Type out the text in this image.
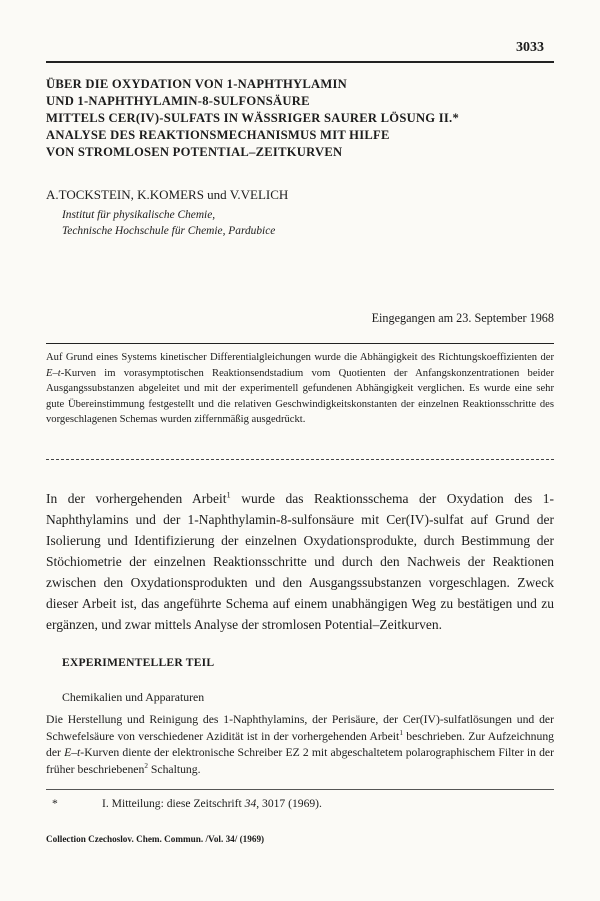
3033
ÜBER DIE OXYDATION VON 1-NAPHTHYLAMIN
UND 1-NAPHTHYLAMIN-8-SULFONSÄURE
MITTELS CER(IV)-SULFATS IN WÄSSRIGER SAURER LÖSUNG II.*
ANALYSE DES REAKTIONSMECHANISMUS MIT HILFE
VON STROMLOSEN POTENTIAL–ZEITKURVEN
A.TOCKSTEIN, K.KOMERS und V.VELICH
Institut für physikalische Chemie,
Technische Hochschule für Chemie, Pardubice
Eingegangen am 23. September 1968
Auf Grund eines Systems kinetischer Differentialgleichungen wurde die Abhängigkeit des Richtungskoeffizienten der E–t-Kurven im vorasymptotischen Reaktionsendstadium vom Quotienten der Anfangskonzentrationen beider Ausgangssubstanzen abgeleitet und mit der experimentell gefundenen Abhängigkeit verglichen. Es wurde eine sehr gute Übereinstimmung festgestellt und die relativen Geschwindigkeitskonstanten der einzelnen Reaktionsschritte des vorgeschlagenen Schemas wurden ziffernmäßig ausgedrückt.
In der vorhergehenden Arbeit$^1$ wurde das Reaktionsschema der Oxydation des 1-Naphthylamins und der 1-Naphthylamin-8-sulfonsäure mit Cer(IV)-sulfat auf Grund der Isolierung und Identifizierung der einzelnen Oxydationsprodukte, durch Bestimmung der Stöchiometrie der einzelnen Reaktionsschritte und durch den Nachweis der Reaktionen zwischen den Oxydationsprodukten und den Ausgangssubstanzen vorgeschlagen. Zweck dieser Arbeit ist, das angeführte Schema auf einem unabhängigen Weg zu bestätigen und zu ergänzen, und zwar mittels Analyse der stromlosen Potential–Zeitkurven.
EXPERIMENTELLER TEIL
Chemikalien und Apparaturen
Die Herstellung und Reinigung des 1-Naphthylamins, der Perisäure, der Cer(IV)-sulfatlösungen und der Schwefelsäure von verschiedener Azidität ist in der vorhergehenden Arbeit$^1$ beschrieben. Zur Aufzeichnung der E–t-Kurven diente der elektronische Schreiber EZ 2 mit abgeschaltetem polarographischem Filter in der früher beschriebenen$^2$ Schaltung.
*	I. Mitteilung: diese Zeitschrift 34, 3017 (1969).
Collection Czechoslov. Chem. Commun. /Vol. 34/ (1969)
